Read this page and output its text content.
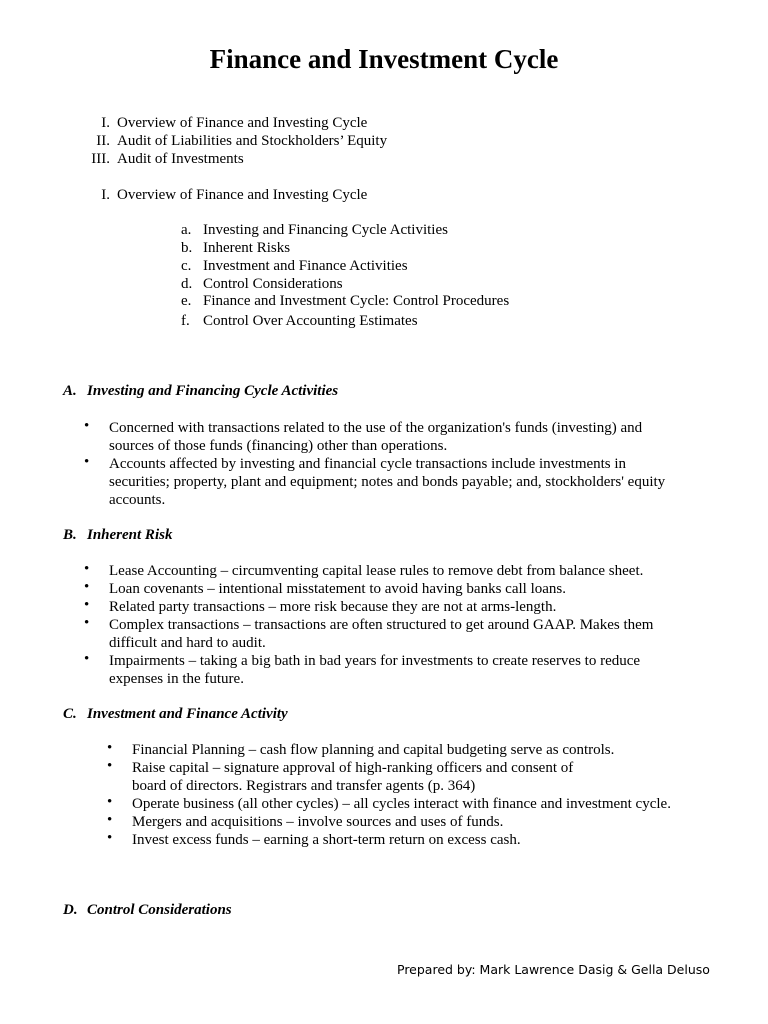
Finance and Investment Cycle
I. Overview of Finance and Investing Cycle
II. Audit of Liabilities and Stockholders’ Equity
III. Audit of Investments
I. Overview of Finance and Investing Cycle
a. Investing and Financing Cycle Activities
b. Inherent Risks
c. Investment and Finance Activities
d. Control Considerations
e. Finance and Investment Cycle: Control Procedures
f. Control Over Accounting Estimates
A. Investing and Financing Cycle Activities
• Concerned with transactions related to the use of the organization's funds (investing) and sources of those funds (financing) other than operations.
• Accounts affected by investing and financial cycle transactions include investments in securities; property, plant and equipment; notes and bonds payable; and, stockholders' equity accounts.
B. Inherent Risk
• Lease Accounting – circumventing capital lease rules to remove debt from balance sheet.
• Loan covenants – intentional misstatement to avoid having banks call loans.
• Related party transactions – more risk because they are not at arms-length.
• Complex transactions – transactions are often structured to get around GAAP. Makes them difficult and hard to audit.
• Impairments – taking a big bath in bad years for investments to create reserves to reduce expenses in the future.
C. Investment and Finance Activity
• Financial Planning – cash flow planning and capital budgeting serve as controls.
• Raise capital – signature approval of high-ranking officers and consent of board of directors. Registrars and transfer agents (p. 364)
• Operate business (all other cycles) – all cycles interact with finance and investment cycle.
• Mergers and acquisitions – involve sources and uses of funds.
• Invest excess funds – earning a short-term return on excess cash.
D. Control Considerations
Prepared by: Mark Lawrence Dasig & Gella Deluso
